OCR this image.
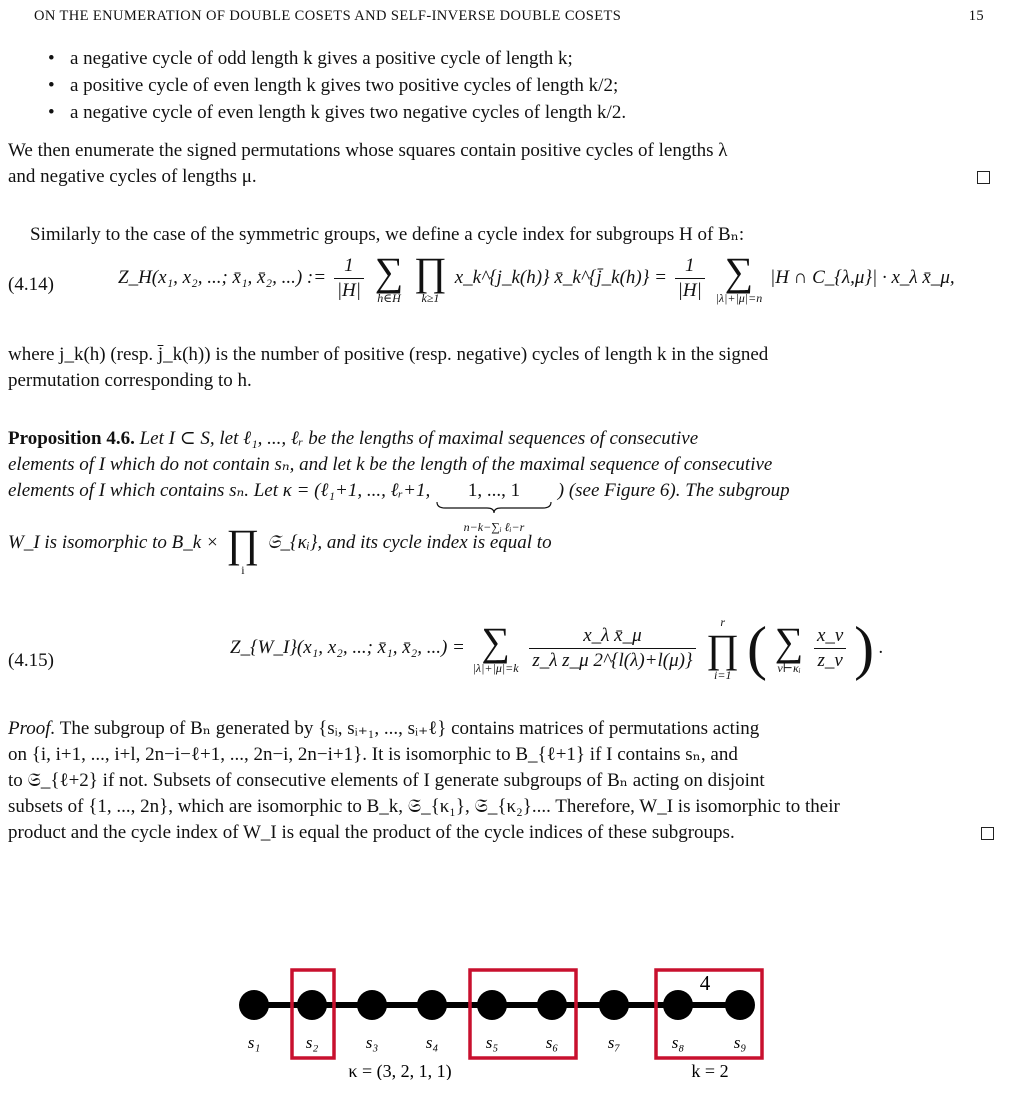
ON THE ENUMERATION OF DOUBLE COSETS AND SELF-INVERSE DOUBLE COSETS	15
• a negative cycle of odd length k gives a positive cycle of length k;
• a positive cycle of even length k gives two positive cycles of length k/2;
• a negative cycle of even length k gives two negative cycles of length k/2.
We then enumerate the signed permutations whose squares contain positive cycles of lengths λ
and negative cycles of lengths μ.
Similarly to the case of the symmetric groups, we define a cycle index for subgroups H of Bₙ:
(4.14)	Z_H(x₁, x₂, ...; x̄₁, x̄₂, ...) := $\frac{1}{|H|}$
∑
h∈H

∏
k≥1
x_k^{j_k(h)} x̄_k^{j̄_k(h)} = $\frac{1}{|H|}$
∑
|λ|+|μ|=n
|H ∩ C_{λ,μ}| · x_λ x̄_μ,
where j_k(h) (resp. j̄_k(h)) is the number of positive (resp. negative) cycles of length k in the signed
permutation corresponding to h.
Proposition 4.6. Let I ⊂ S, let ℓ₁, ..., ℓᵣ be the lengths of maximal sequences of consecutive
elements of I which do not contain sₙ, and let k be the length of the maximal sequence of consecutive
elements of I which contains sₙ. Let κ = (ℓ₁+1, ..., ℓᵣ+1, 1, ..., 1
n−k−∑ᵢ ℓᵢ−r
) (see Figure 6). The subgroup
W_I is isomorphic to B_k × ∏
i
𝔖_{κᵢ}, and its cycle index is equal to
(4.15)
Z_{W_I}(x₁, x₂, ...; x̄₁, x̄₂, ...) = ∑
|λ|+|μ|=k
$\frac{\text{x\_λ x̄\_μ}}{\text{z\_λ z\_μ 2\textasciicircum{}\{l(λ)+l(μ)\}}}$

r
∏
i=1 ( ∑
ν⊢κᵢ
$\frac{x\_\nu}{z\_\nu}$ ) .
Proof. The subgroup of Bₙ generated by {sᵢ, sᵢ₊₁, ..., sᵢ₊ℓ} contains matrices of permutations acting
on {i, i+1, ..., i+l, 2n−i−ℓ+1, ..., 2n−i, 2n−i+1}. It is isomorphic to B_{ℓ+1} if I contains sₙ, and
to 𝔖_{ℓ+2} if not. Subsets of consecutive elements of I generate subgroups of Bₙ acting on disjoint
subsets of {1, ..., 2n}, which are isomorphic to B_k, 𝔖_{κ₁}, 𝔖_{κ₂}.... Therefore, W_I is isomorphic to their
product and the cycle index of W_I is equal the product of the cycle indices of these subgroups.
s₁	s₂	s₃	s₄	s₅	s₆	s₇	s₈	s₉
4
κ = (3, 2, 1, 1)	k = 2
